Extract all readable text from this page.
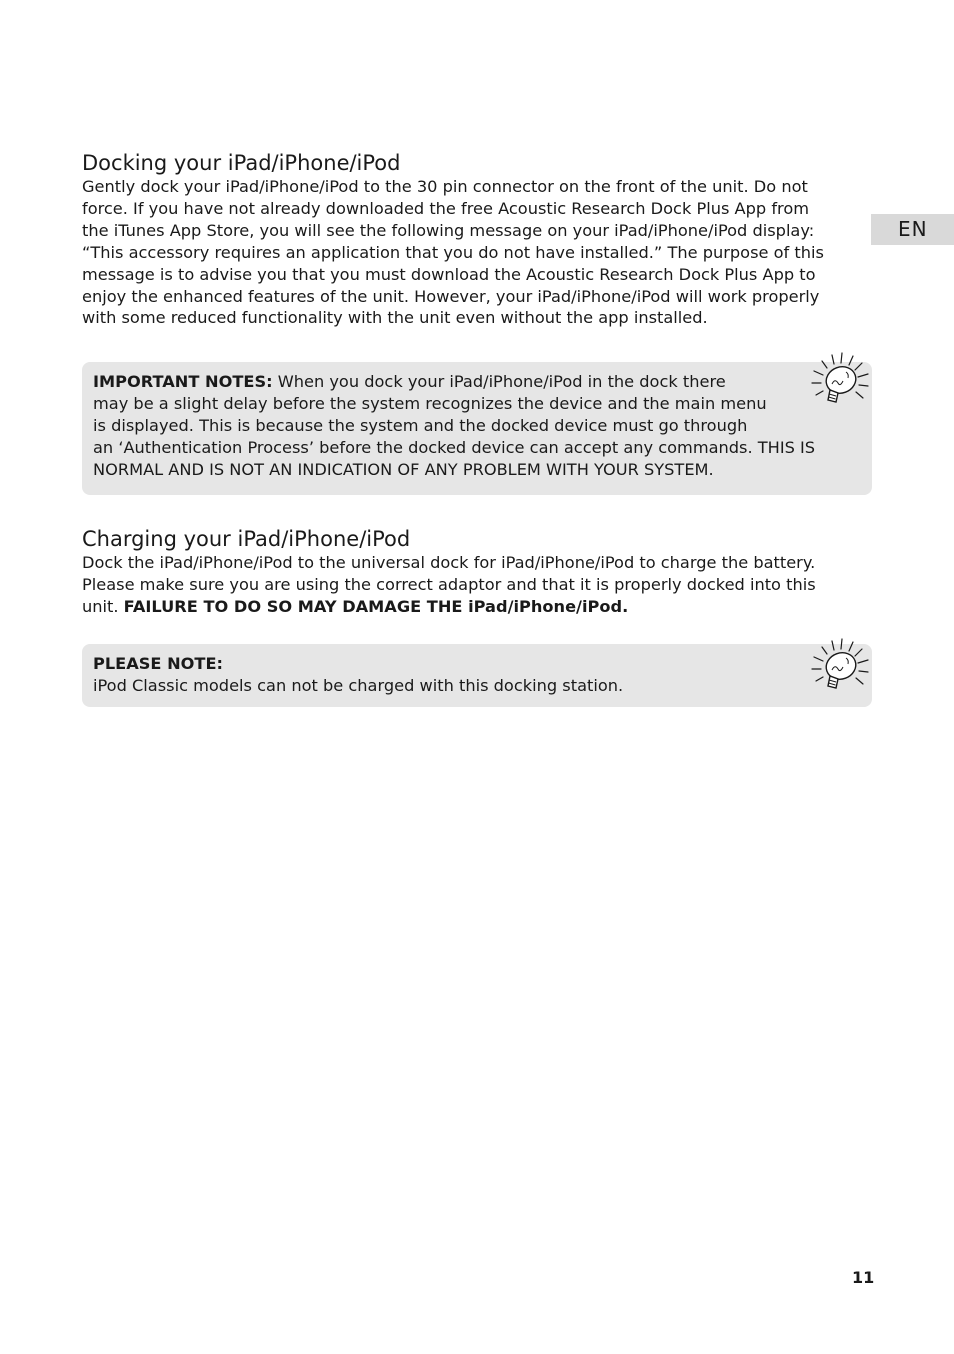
EN
Docking your iPad/iPhone/iPod

Gently dock your iPad/iPhone/iPod to the 30 pin connector on the front of the unit. Do not
force. If you have not already downloaded the free Acoustic Research Dock Plus App from
the iTunes App Store, you will see the following message on your iPad/iPhone/iPod display:
“This accessory requires an application that you do not have installed.” The purpose of this
message is to advise you that you must download the Acoustic Research Dock Plus App to
enjoy the enhanced features of the unit. However, your iPad/iPhone/iPod will work properly
with some reduced functionality with the unit even without the app installed.

IMPORTANT NOTES: When you dock your iPad/iPhone/iPod in the dock there
may be a slight delay before the system recognizes the device and the main menu
is displayed. This is because the system and the docked device must go through
an ‘Authentication Process’ before the docked device can accept any commands. THIS IS
NORMAL AND IS NOT AN INDICATION OF ANY PROBLEM WITH YOUR SYSTEM.

Charging your iPad/iPhone/iPod

Dock the iPad/iPhone/iPod to the universal dock for iPad/iPhone/iPod to charge the battery.
Please make sure you are using the correct adaptor and that it is properly docked into this
unit. FAILURE TO DO SO MAY DAMAGE THE iPad/iPhone/iPod.

PLEASE NOTE:
iPod Classic models can not be charged with this docking station.

11
